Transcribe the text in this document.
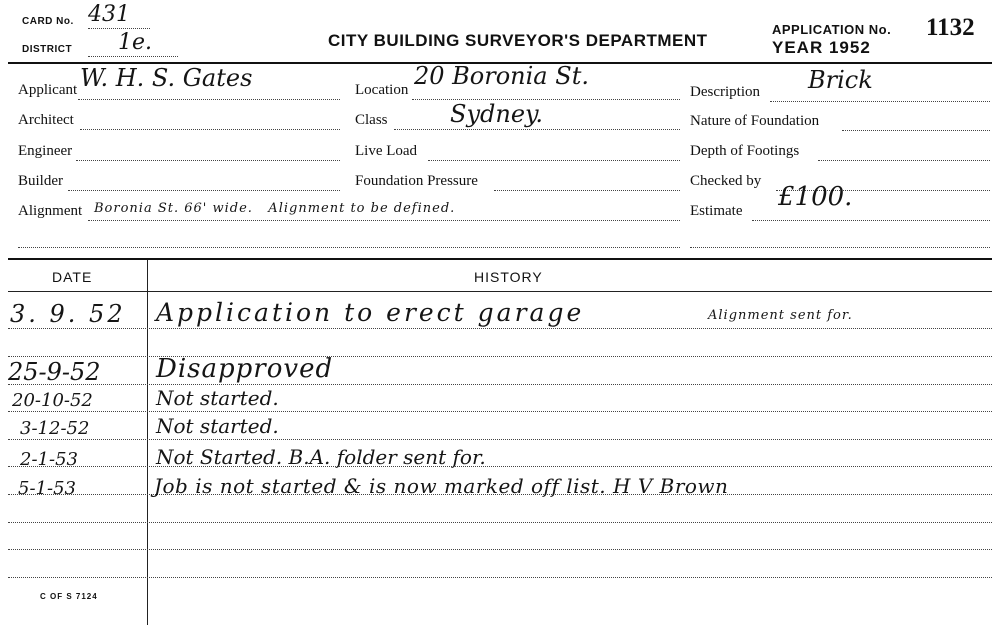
CARD No. 431
DISTRICT 1e.	CITY BUILDING SURVEYOR'S DEPARTMENT
APPLICATION No. 1132
YEAR 1952
Applicant W. H. S. Gates
Architect
Engineer
Builder
Alignment Boronia St. 66' wide.   Alignment to be defined.
Location 20 Boronia St.
Class	Sydney.
Live Load
Foundation Pressure
Description Brick
Nature of Foundation
Depth of Footings
Checked by
Estimate £100.
DATE	HISTORY
3. 9. 52 Application to erect garage	Alignment sent for.
25-9-52 Disapproved
20-10-52	Not started.
3-12-52	Not started.
2-1-53	Not Started. B.A. folder sent for.
5-1-53	Job is not started & is now marked off list. H V Brown
C OF S 7124
